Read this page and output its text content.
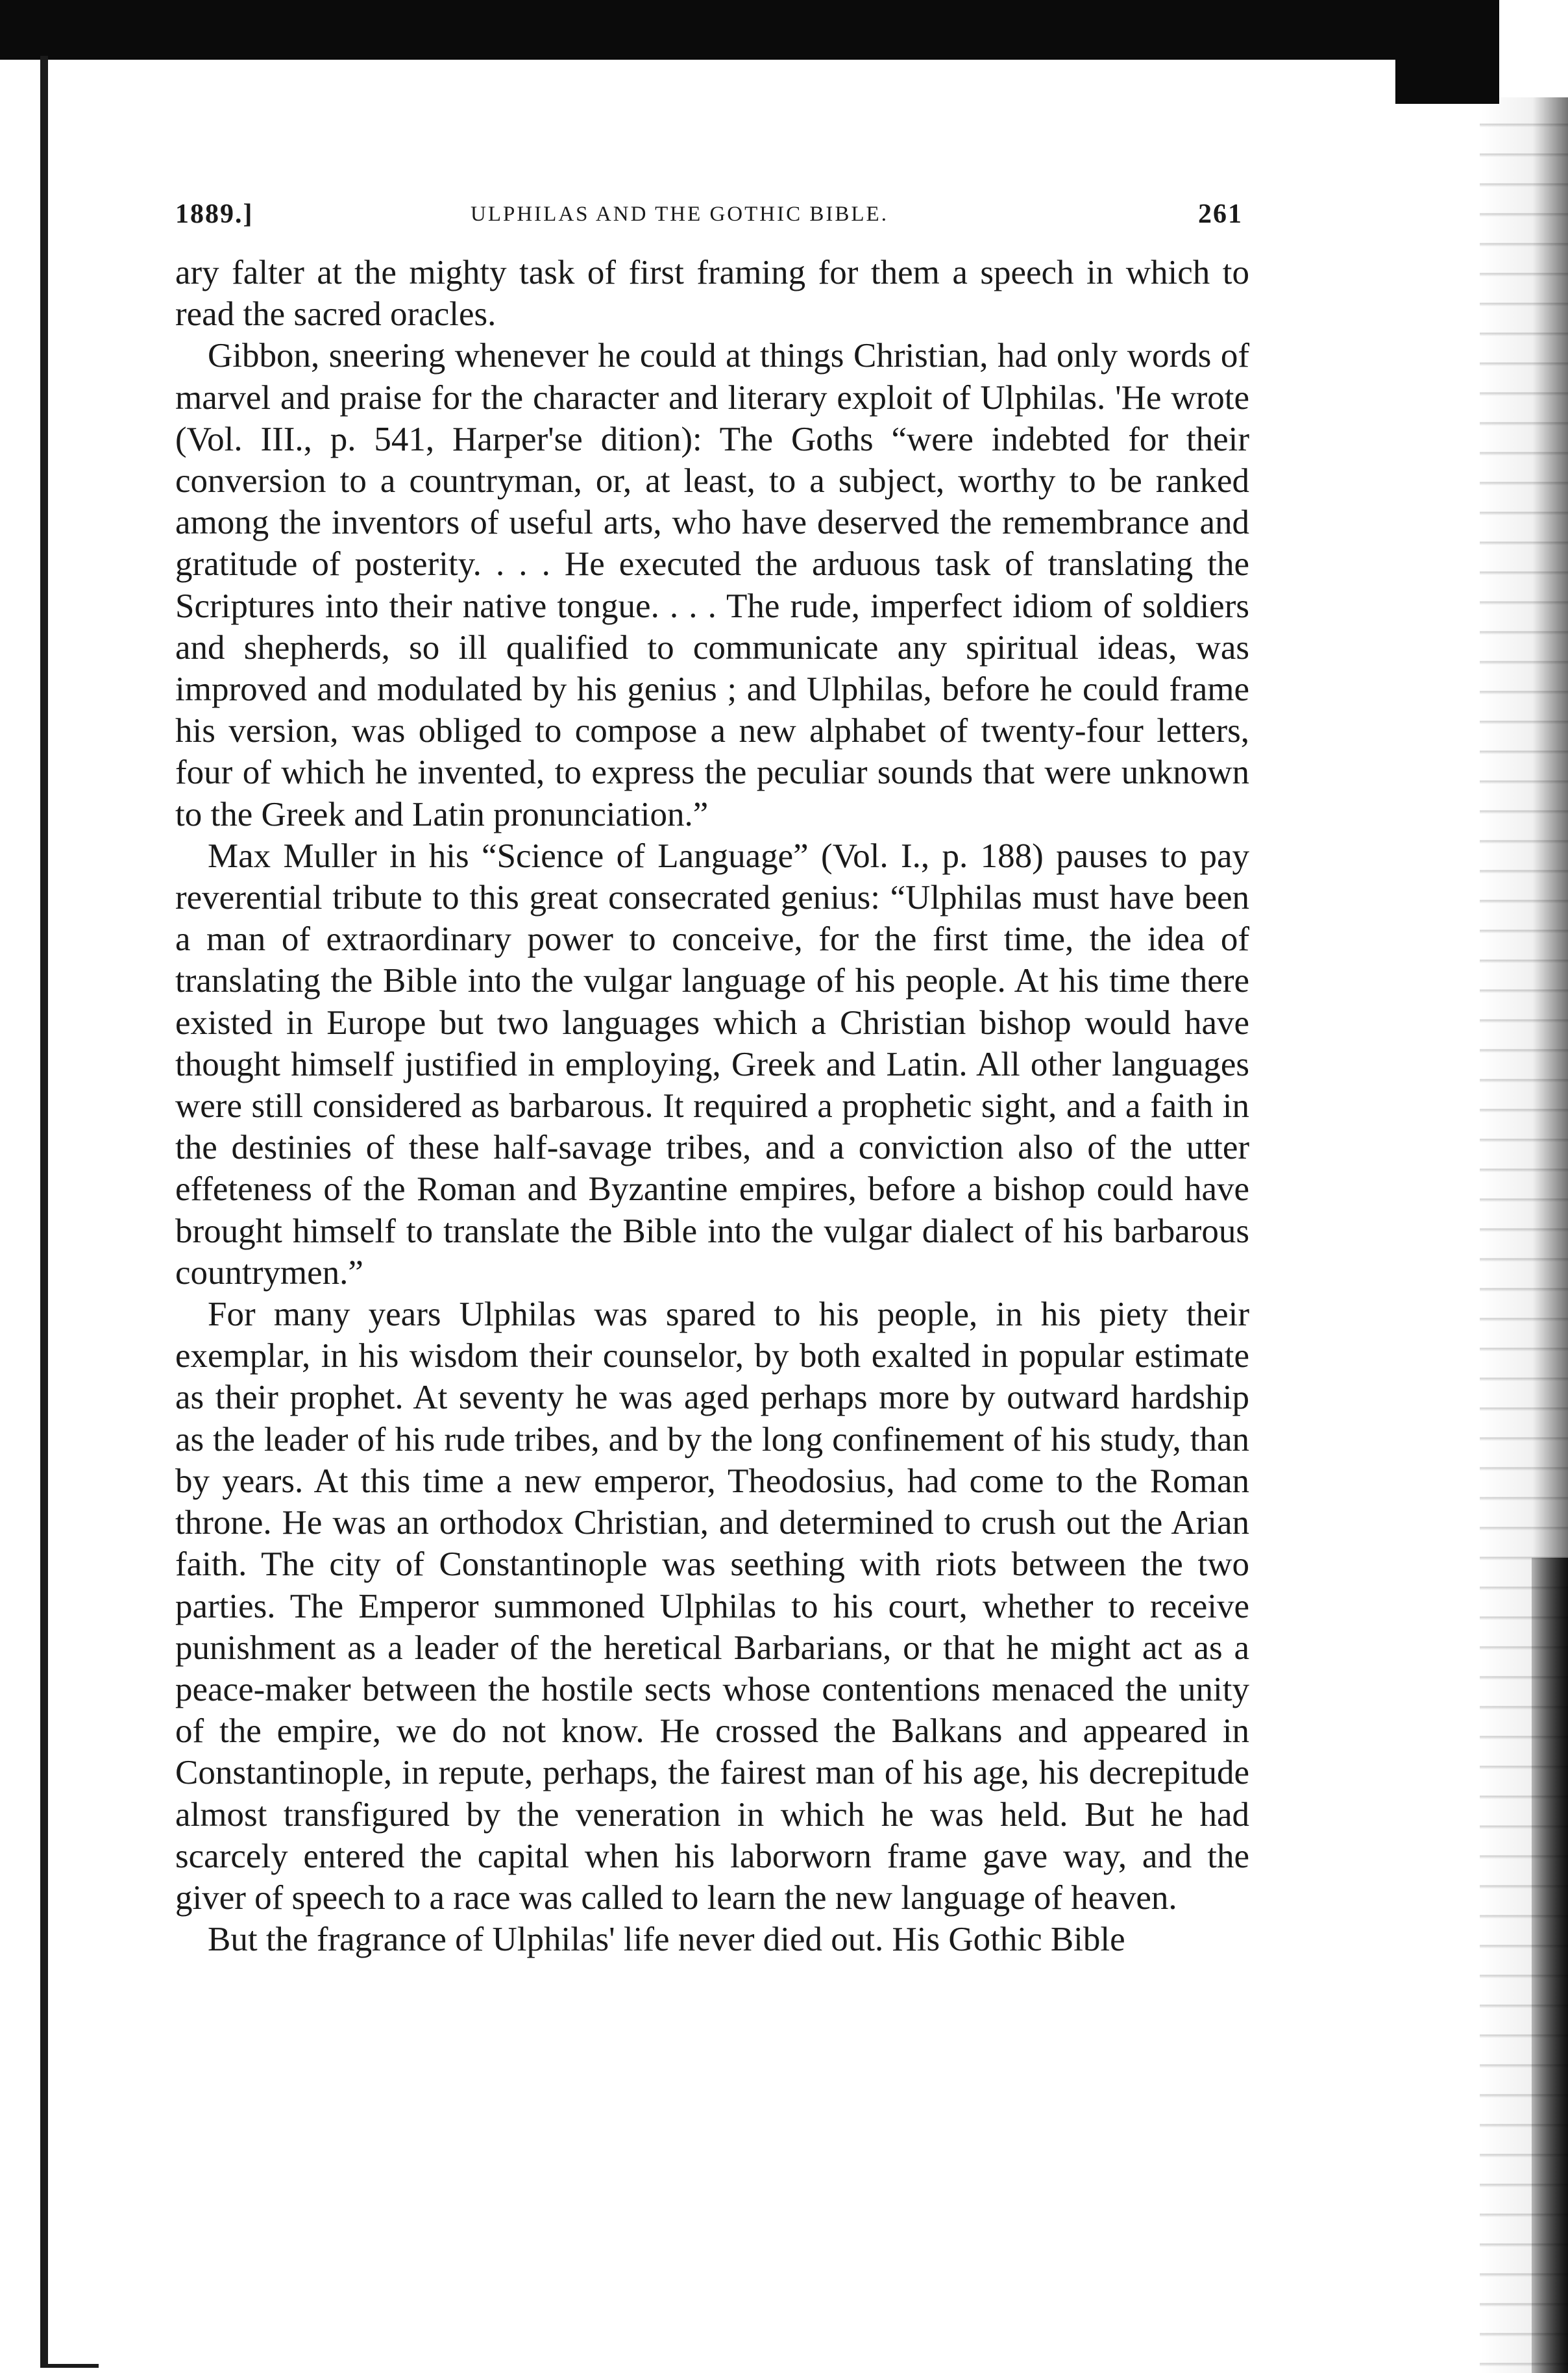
1889.]	ULPHILAS AND THE GOTHIC BIBLE.	261

ary falter at the mighty task of first framing for them a speech in which to read the sacred oracles.

Gibbon, sneering whenever he could at things Christian, had only words of marvel and praise for the character and literary exploit of Ulphilas. 'He wrote (Vol. III., p. 541, Harper'se dition): The Goths “were indebted for their conversion to a countryman, or, at least, to a subject, worthy to be ranked among the inventors of useful arts, who have deserved the remembrance and gratitude of posterity. . . . He executed the arduous task of translating the Scriptures into their native tongue. . . . The rude, imperfect idiom of soldiers and shepherds, so ill qualified to communicate any spiritual ideas, was improved and modulated by his genius ; and Ulphilas, before he could frame his version, was obliged to compose a new alphabet of twenty-four letters, four of which he invented, to express the peculiar sounds that were unknown to the Greek and Latin pronunciation.”

Max Muller in his “Science of Language” (Vol. I., p. 188) pauses to pay reverential tribute to this great consecrated genius: “Ulphilas must have been a man of extraordinary power to conceive, for the first time, the idea of translating the Bible into the vulgar language of his people. At his time there existed in Europe but two languages which a Christian bishop would have thought himself justified in employing, Greek and Latin. All other languages were still considered as barbarous. It required a prophetic sight, and a faith in the destinies of these half-savage tribes, and a conviction also of the utter effeteness of the Roman and Byzantine empires, before a bishop could have brought himself to translate the Bible into the vulgar dialect of his barbarous countrymen.”

For many years Ulphilas was spared to his people, in his piety their exemplar, in his wisdom their counselor, by both exalted in popular estimate as their prophet. At seventy he was aged perhaps more by outward hardship as the leader of his rude tribes, and by the long confinement of his study, than by years. At this time a new emperor, Theodosius, had come to the Roman throne. He was an orthodox Christian, and determined to crush out the Arian faith. The city of Constantinople was seething with riots between the two parties. The Emperor summoned Ulphilas to his court, whether to receive punishment as a leader of the heretical Barbarians, or that he might act as a peace-maker between the hostile sects whose contentions menaced the unity of the empire, we do not know. He crossed the Balkans and appeared in Constantinople, in repute, perhaps, the fairest man of his age, his decrepitude almost transfigured by the veneration in which he was held. But he had scarcely entered the capital when his laborworn frame gave way, and the giver of speech to a race was called to learn the new language of heaven.

But the fragrance of Ulphilas' life never died out. His Gothic Bible
